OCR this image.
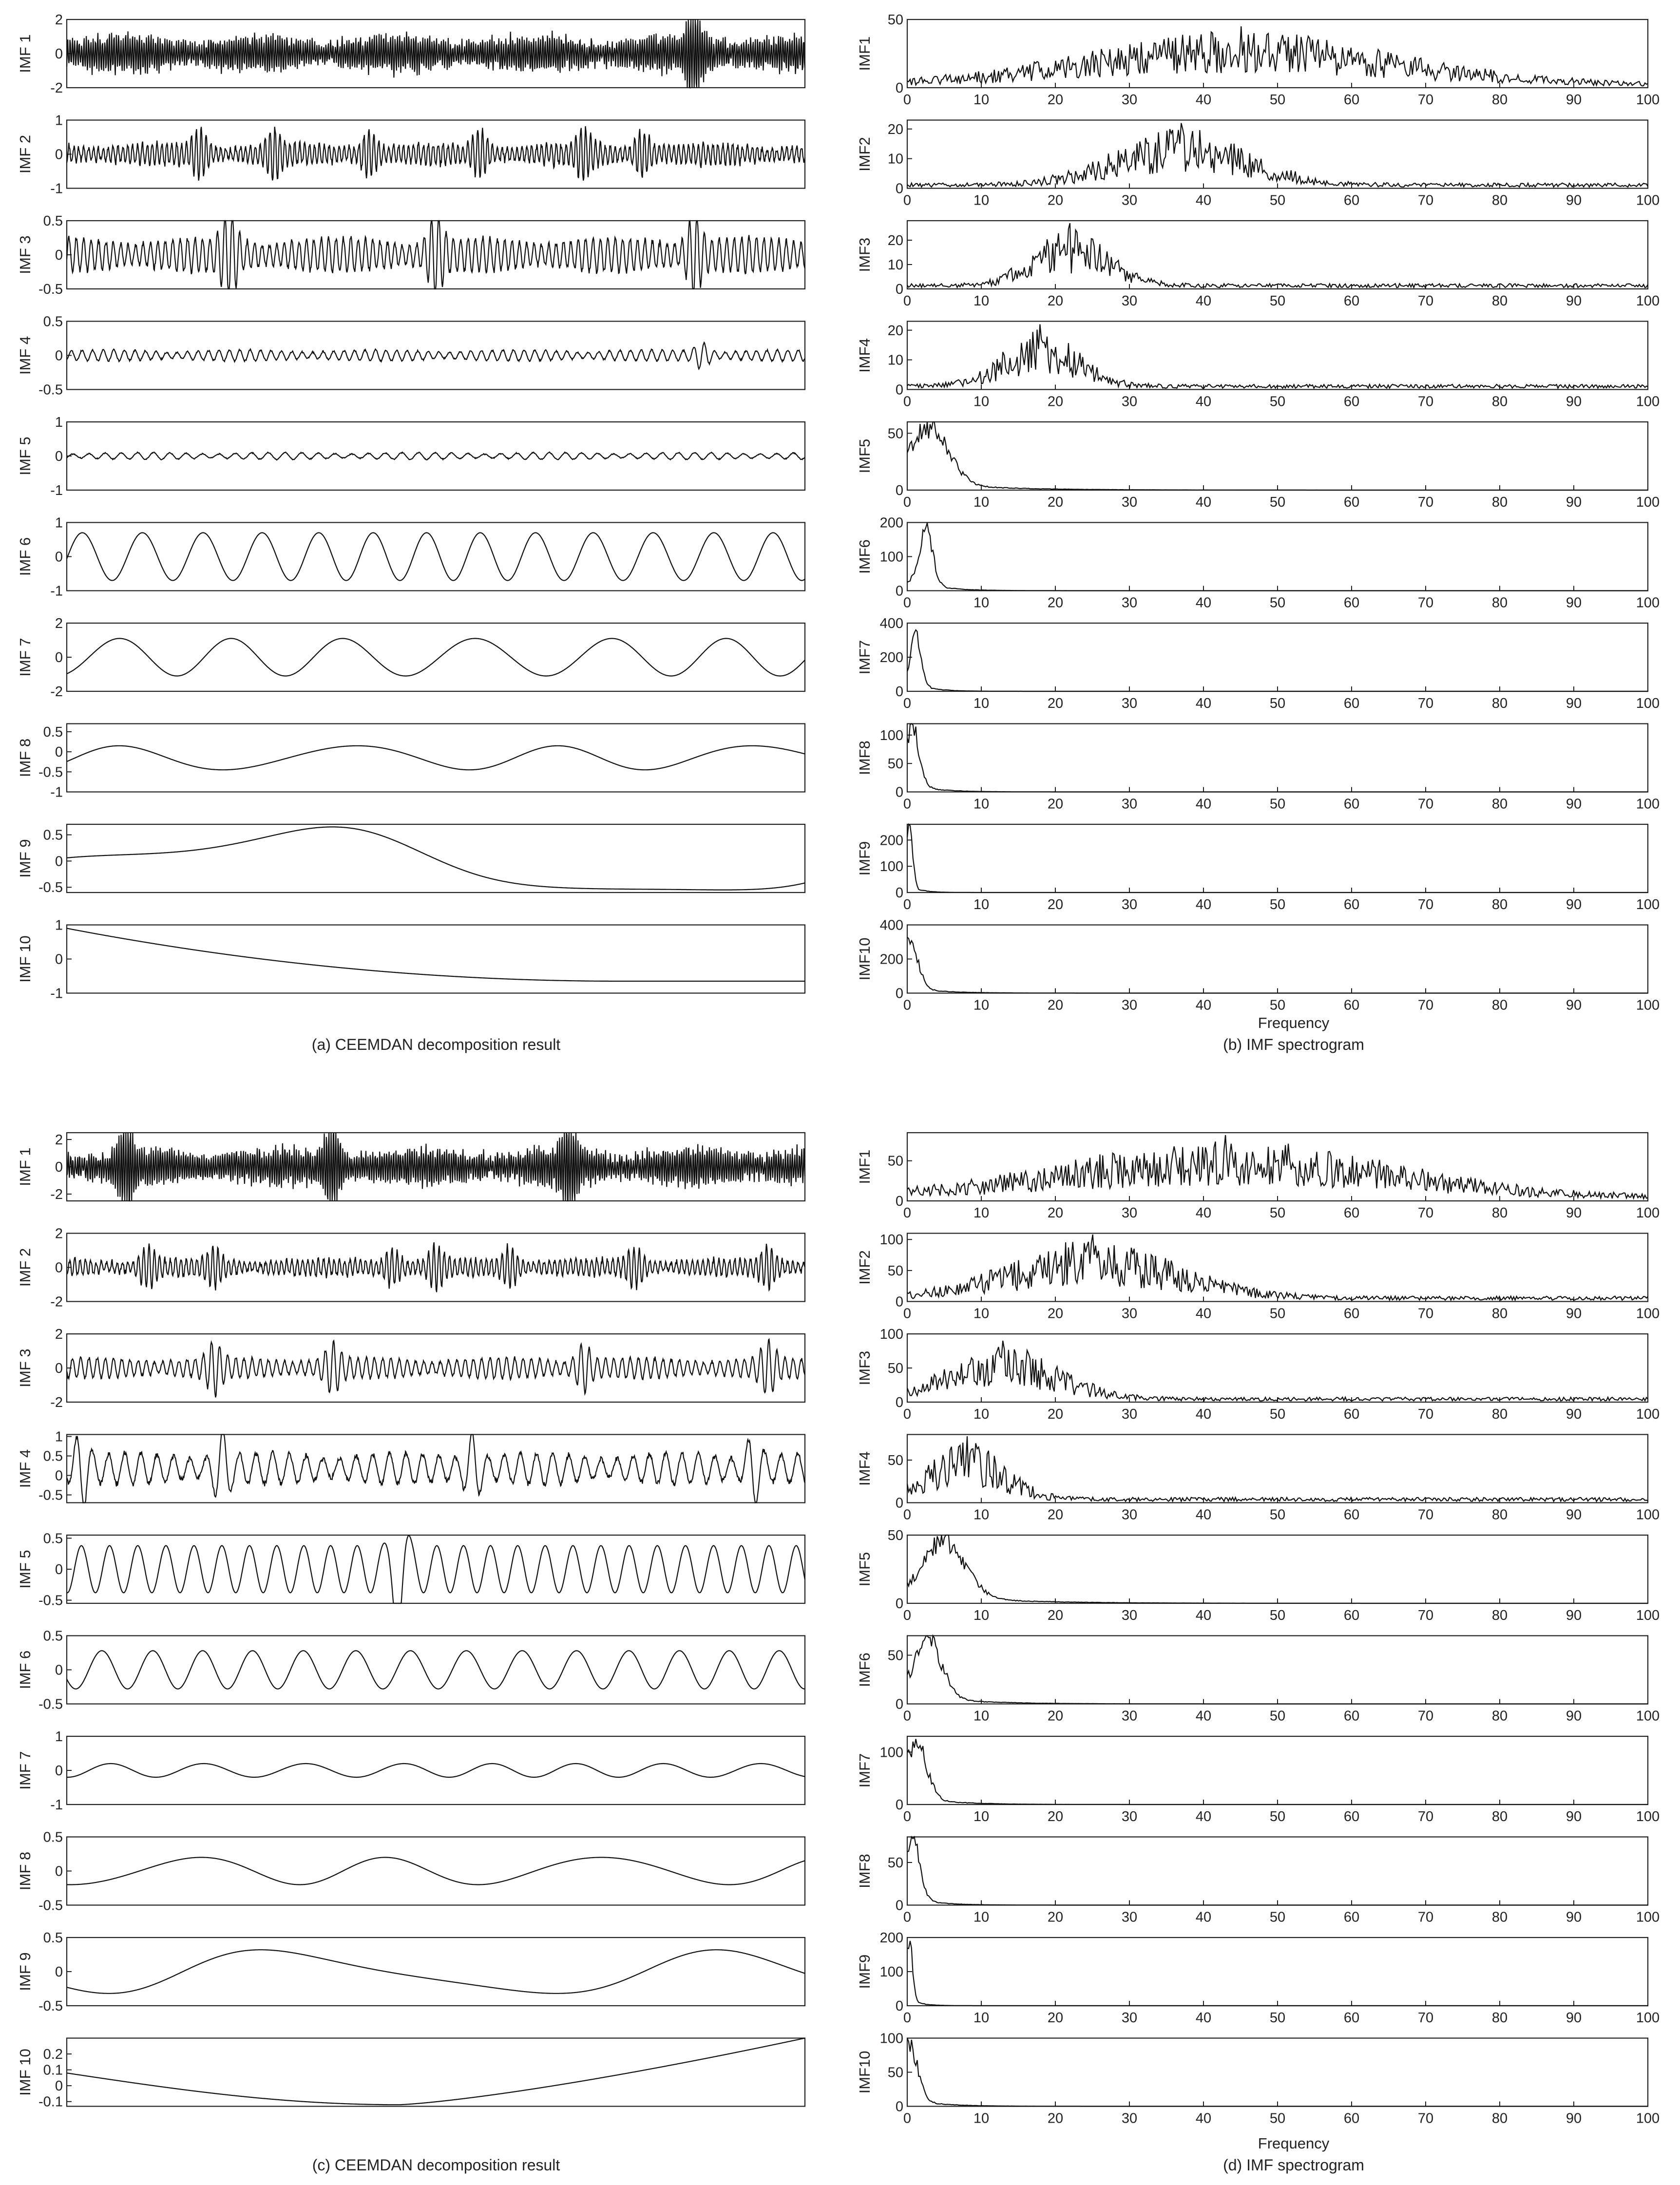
-2
0
2
IMF 1
-1
0
1
IMF 2
-0.5
0
0.5
IMF 3
-0.5
0
0.5
IMF 4
-1
0
1
IMF 5
-1
0
1
IMF 6
-2
0
2
IMF 7
-1
-0.5
0
0.5
IMF 8
-0.5
0
0.5
IMF 9
-1
0
1
IMF 10
0
50
IMF1
0	10	20	30	40	50	60	70	80	90	100
0
10
20
IMF2
0	10	20	30	40	50	60	70	80	90	100
0
10
20
IMF3
0	10	20	30	40	50	60	70	80	90	100
0
10
20
IMF4
0	10	20	30	40	50	60	70	80	90	100
0
50
IMF5
0	10	20	30	40	50	60	70	80	90	100
0
100
200
IMF6
0	10	20	30	40	50	60	70	80	90	100
0
200
400
IMF7
0	10	20	30	40	50	60	70	80	90	100
0
50
100
IMF8
0	10	20	30	40	50	60	70	80	90	100
0
100
200
IMF9
0	10	20	30	40	50	60	70	80	90	100
0
200
400
IMF10
0	10	20	30	40	50	60	70	80	90	100
-2
0
2
IMF 1
-2
0
2
IMF 2
-2
0
2
IMF 3
-0.5
0
0.5
1
IMF 4
-0.5
0
0.5
IMF 5
-0.5
0
0.5
IMF 6
-1
0
1
IMF 7
-0.5
0
0.5
IMF 8
-0.5
0
0.5
IMF 9
-0.1
0
0.1
0.2
IMF 10
0
50
IMF1
0	10	20	30	40	50	60	70	80	90	100
0
50
100
IMF2
0	10	20	30	40	50	60	70	80	90	100
0
50
100
IMF3
0	10	20	30	40	50	60	70	80	90	100
0
50
IMF4
0	10	20	30	40	50	60	70	80	90	100
0
50
IMF5
0	10	20	30	40	50	60	70	80	90	100
0
50
IMF6
0	10	20	30	40	50	60	70	80	90	100
0
100
IMF7
0	10	20	30	40	50	60	70	80	90	100
0
50
IMF8
0	10	20	30	40	50	60	70	80	90	100
0
100
200
IMF9
0	10	20	30	40	50	60	70	80	90	100
0
50
100
IMF10
0	10	20	30	40	50	60	70	80	90	100
(a) CEEMDAN decomposition result	(b) IMF spectrogram
(c) CEEMDAN decomposition result	(d) IMF spectrogram
Frequency
Frequency
